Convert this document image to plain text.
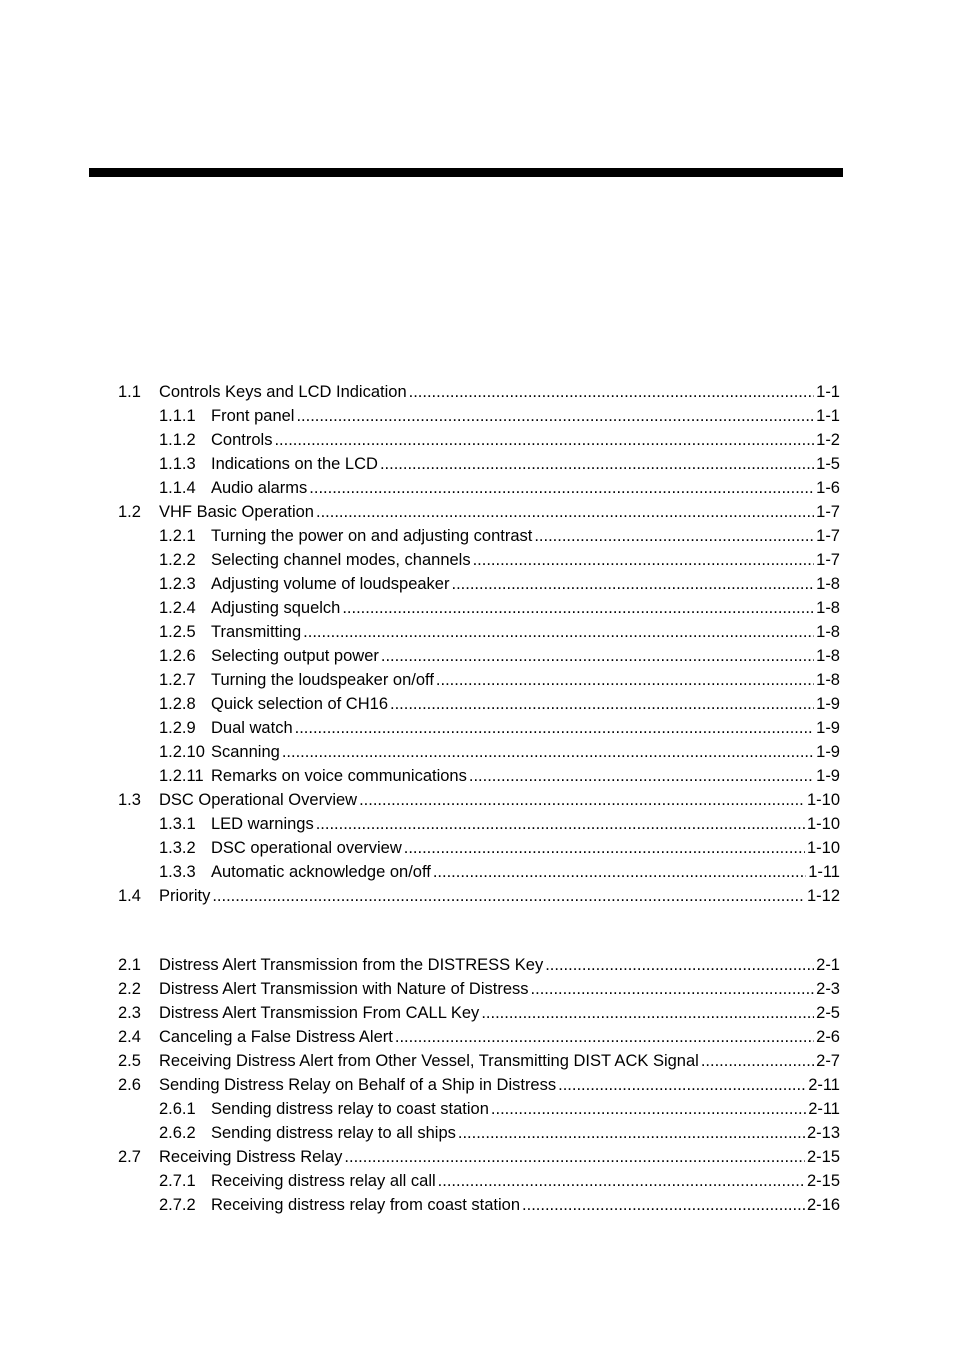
1.1 Controls Keys and LCD Indication .....	1-1
1.1.1 Front panel .....	1-1
1.1.2 Controls .....	1-2
1.1.3 Indications on the LCD .....	1-5
1.1.4 Audio alarms .....	1-6
1.2 VHF Basic Operation .....	1-7
1.2.1 Turning the power on and adjusting contrast .....	1-7
1.2.2 Selecting channel modes, channels .....	1-7
1.2.3 Adjusting volume of loudspeaker .....	1-8
1.2.4 Adjusting squelch .....	1-8
1.2.5 Transmitting .....	1-8
1.2.6 Selecting output power .....	1-8
1.2.7 Turning the loudspeaker on/off .....	1-8
1.2.8 Quick selection of CH16 .....	1-9
1.2.9 Dual watch .....	1-9
1.2.10 Scanning .....	1-9
1.2.11 Remarks on voice communications .....	1-9
1.3 DSC Operational Overview .....	1-10
1.3.1 LED warnings .....	1-10
1.3.2 DSC operational overview .....	1-10
1.3.3 Automatic acknowledge on/off .....	1-11
1.4 Priority .....	1-12
2.1 Distress Alert Transmission from the DISTRESS Key .....	2-1
2.2 Distress Alert Transmission with Nature of Distress .....	2-3
2.3 Distress Alert Transmission From CALL Key .....	2-5
2.4 Canceling a False Distress Alert .....	2-6
2.5 Receiving Distress Alert from Other Vessel, Transmitting DIST ACK Signal .....	2-7
2.6 Sending Distress Relay on Behalf of a Ship in Distress .....	2-11
2.6.1 Sending distress relay to coast station .....	2-11
2.6.2 Sending distress relay to all ships .....	2-13
2.7 Receiving Distress Relay .....	2-15
2.7.1 Receiving distress relay all call .....	2-15
2.7.2 Receiving distress relay from coast station .....	2-16
